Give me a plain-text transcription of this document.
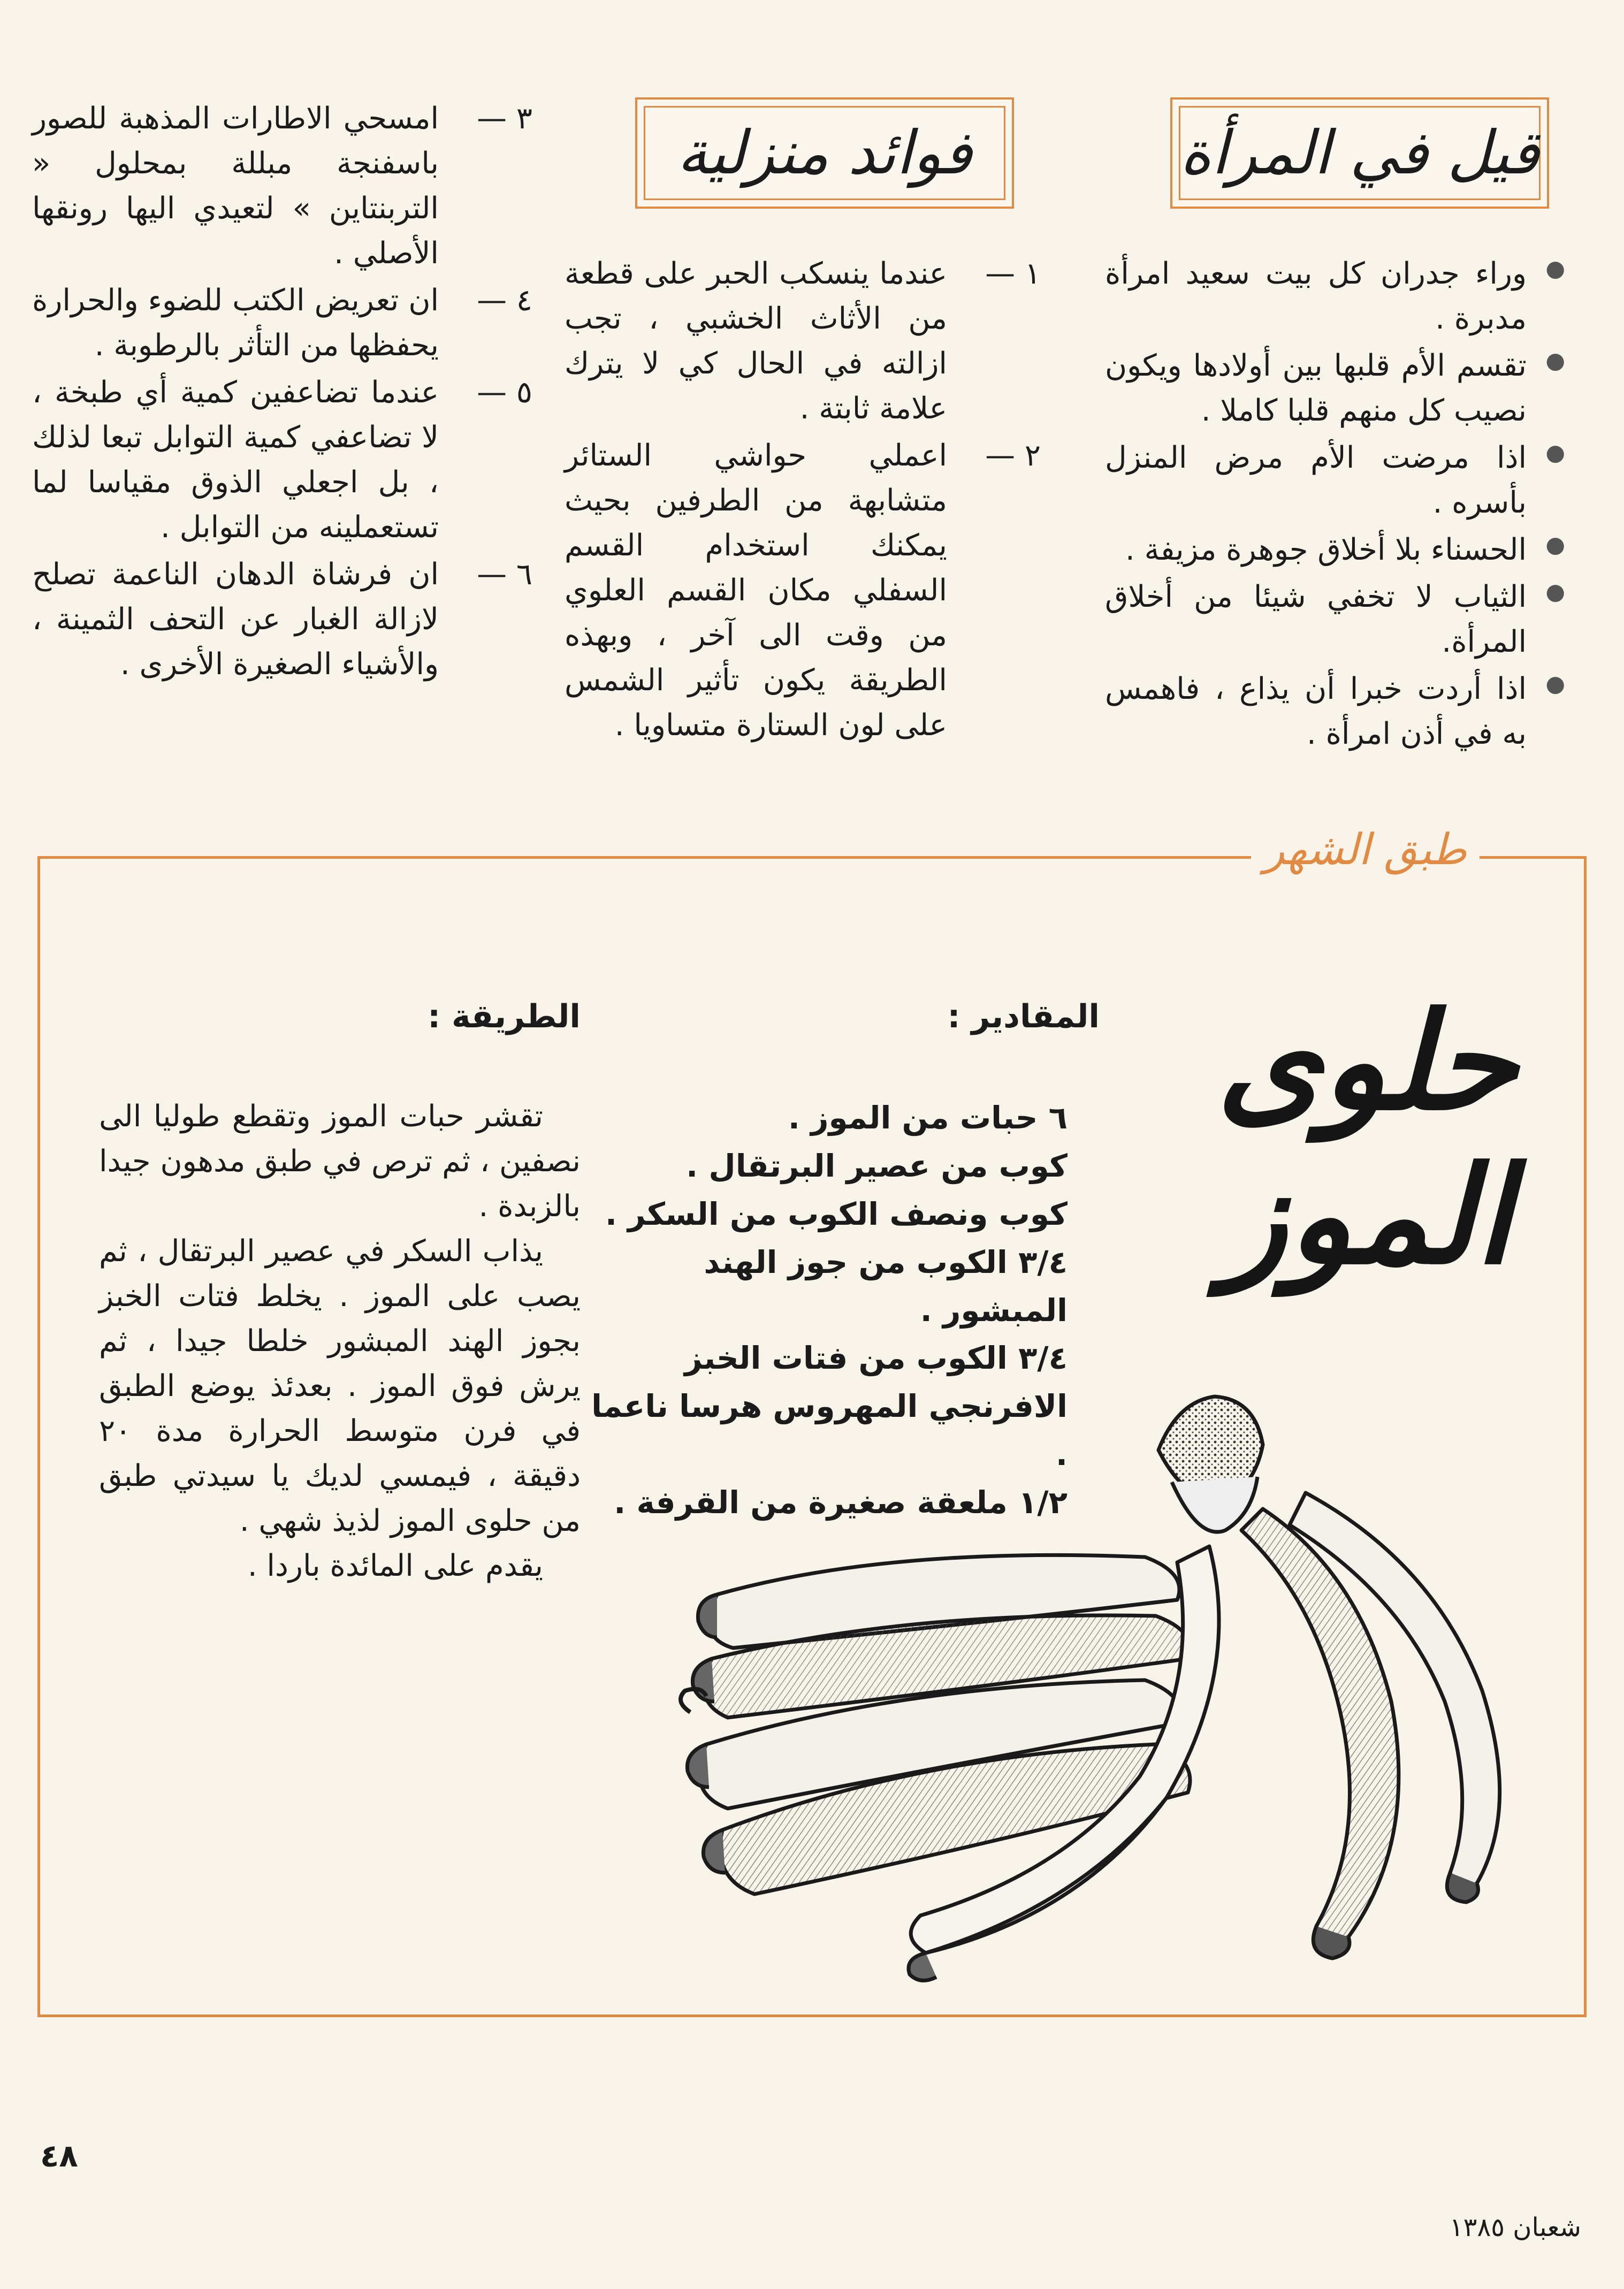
قيل في المرأة
فوائد منزلية
●
وراء جدران كل بيت سعيد امرأة مدبرة .
●
تقسم الأم قلبها بين أولادها ويكون نصيب كل منهم قلبا كاملا .
●
اذا مرضت الأم مرض المنزل بأسره .
●
الحسناء بلا أخلاق جوهرة مزيفة .
●
الثياب لا تخفي شيئا من أخلاق المرأة.
●
اذا أردت خبرا أن يذاع ، فاهمس به في أذن امرأة .
١ —
عندما ينسكب الحبر على قطعة من الأثاث الخشبي ، تجب ازالته في الحال كي لا يترك علامة ثابتة .
٢ —
اعملي حواشي الستائر متشابهة من الطرفين بحيث يمكنك استخدام القسم السفلي مكان القسم العلوي من وقت الى آخر ، وبهذه الطريقة يكون تأثير الشمس على لون الستارة متساويا .
٣ —
امسحي الاطارات المذهبة للصور باسفنجة مبللة بمحلول « التربنتاين » لتعيدي اليها رونقها الأصلي .
٤ —
ان تعريض الكتب للضوء والحرارة يحفظها من التأثر بالرطوبة .
٥ —
عندما تضاعفين كمية أي طبخة ، لا تضاعفي كمية التوابل تبعا لذلك ، بل اجعلي الذوق مقياسا لما تستعملينه من التوابل .
٦ —
ان فرشاة الدهان الناعمة تصلح لازالة الغبار عن التحف الثمينة ، والأشياء الصغيرة الأخرى .
طبق الشهر
حلوى
الموز
المقادير :
٦ حبات من الموز .
كوب من عصير البرتقال .
كوب ونصف الكوب من السكر .
٣/٤ الكوب من جوز الهند المبشور .
٣/٤ الكوب من فتات الخبز الافرنجي المهروس هرسا ناعما .
١/٢ ملعقة صغيرة من القرفة .
الطريقة :

تقشر حبات الموز وتقطع طوليا الى نصفين ، ثم ترص في طبق مدهون جيدا بالزبدة .

يذاب السكر في عصير البرتقال ، ثم يصب على الموز . يخلط فتات الخبز بجوز الهند المبشور خلطا جيدا ، ثم يرش فوق الموز . بعدئذ يوضع الطبق في فرن متوسط الحرارة مدة ٢٠ دقيقة ، فيمسي لديك يا سيدتي طبق من حلوى الموز لذيذ شهي .

يقدم على المائدة باردا .

٤٨
شعبان ١٣٨٥
